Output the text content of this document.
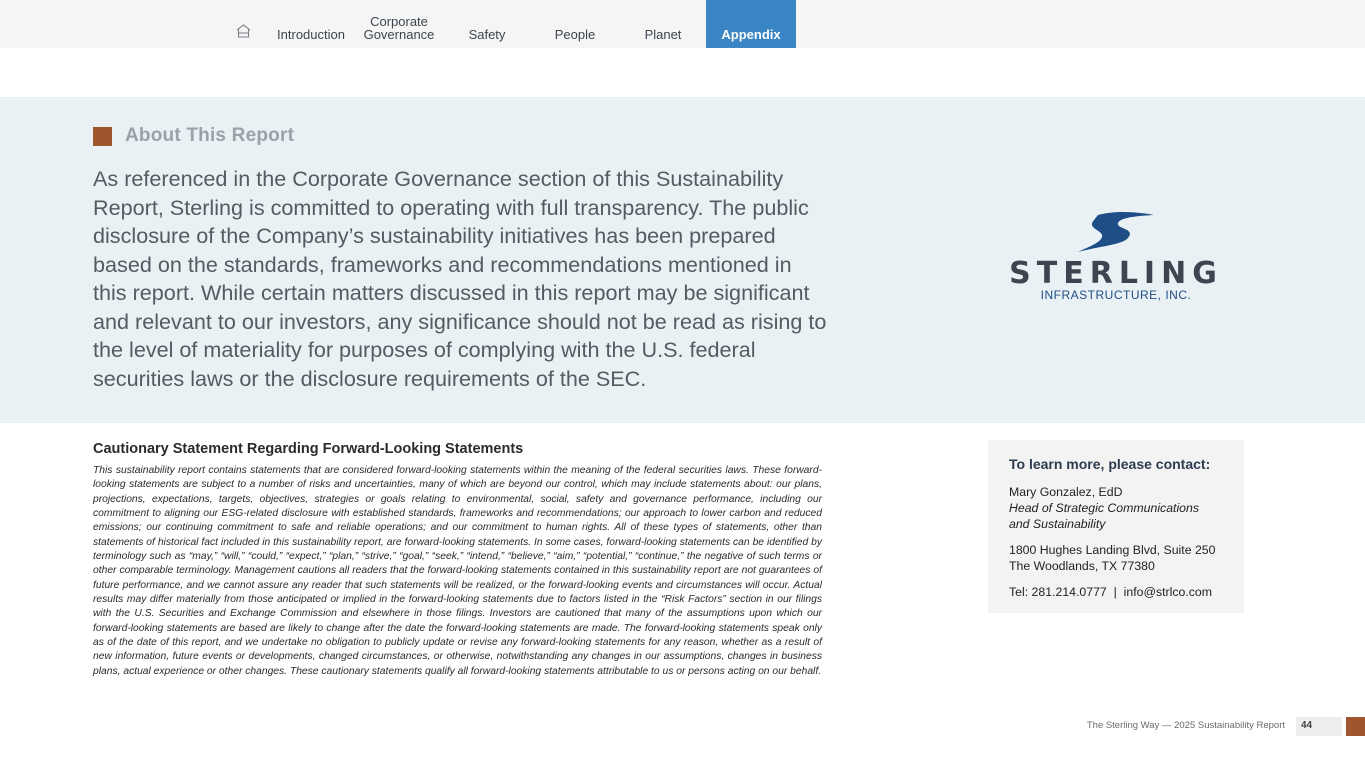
Introduction
Corporate
Governance	Safety	People	Planet	Appendix
About This Report
As referenced in the Corporate Governance section of this Sustainability Report, Sterling is committed to operating with full transparency. The public disclosure of the Company’s sustainability initiatives has been prepared based on the standards, frameworks and recommendations mentioned in this report. While certain matters discussed in this report may be significant and relevant to our investors, any significance should not be read as rising to the level of materiality for purposes of complying with the U.S. federal securities laws or the disclosure requirements of the SEC.
STERLING
INFRASTRUCTURE, INC.
Cautionary Statement Regarding Forward-Looking Statements
This sustainability report contains statements that are considered forward-looking statements within the meaning of the federal securities laws. These forward-looking statements are subject to a number of risks and uncertainties, many of which are beyond our control, which may include statements about: our plans, projections, expectations, targets, objectives, strategies or goals relating to environmental, social, safety and governance performance, including our commitment to aligning our ESG-related disclosure with established standards, frameworks and recommendations; our approach to lower carbon and reduced emissions; our continuing commitment to safe and reliable operations; and our commitment to human rights. All of these types of statements, other than statements of historical fact included in this sustainability report, are forward-looking statements. In some cases, forward-looking statements can be identified by terminology such as “may,” “will,” “could,” “expect,” “plan,” “strive,” “goal,” “seek,” “intend,” “believe,” “aim,” “potential,” “continue,” the negative of such terms or other comparable terminology. Management cautions all readers that the forward-looking statements contained in this sustainability report are not guarantees of future performance, and we cannot assure any reader that such statements will be realized, or the forward-looking events and circumstances will occur. Actual results may differ materially from those anticipated or implied in the forward-looking statements due to factors listed in the “Risk Factors” section in our filings with the U.S. Securities and Exchange Commission and elsewhere in those filings. Investors are cautioned that many of the assumptions upon which our forward-looking statements are based are likely to change after the date the forward-looking statements are made. The forward-looking statements speak only as of the date of this report, and we undertake no obligation to publicly update or revise any forward-looking statements for any reason, whether as a result of new information, future events or developments, changed circumstances, or otherwise, notwithstanding any changes in our assumptions, changes in business plans, actual experience or other changes. These cautionary statements qualify all forward-looking statements attributable to us or persons acting on our behalf.
To learn more, please contact:
Mary Gonzalez, EdD
Head of Strategic Communications
and Sustainability
1800 Hughes Landing Blvd, Suite 250
The Woodlands, TX 77380
Tel: 281.214.0777  |  info@strlco.com
The Sterling Way — 2025 Sustainability Report	44
